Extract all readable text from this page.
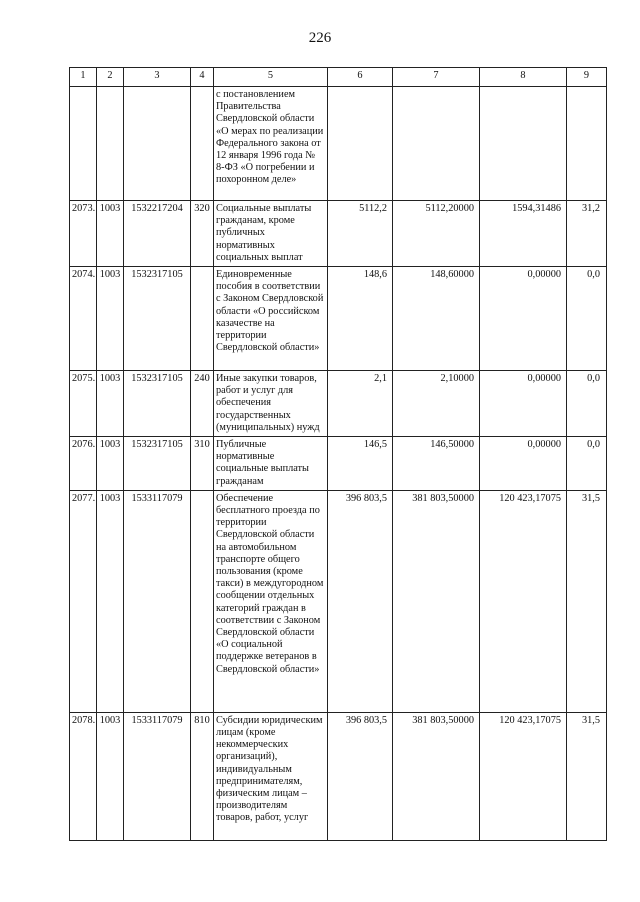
226
1	2	3	4	5	6	7	8	9
				с постановлением Правительства Свердловской области «О мерах по реализации Федерального закона от 12 января 1996 года № 8-ФЗ «О погребении и похоронном деле»				
2073.	1003	1532217204	320	Социальные выплаты гражданам, кроме публичных нормативных социальных выплат	5112,2	5112,20000	1594,31486	31,2
2074.	1003	1532317105		Единовременные пособия в соответствии с Законом Свердловской области «О российском казачестве на территории Свердловской области»	148,6	148,60000	0,00000	0,0
2075.	1003	1532317105	240	Иные закупки товаров, работ и услуг для обеспечения государственных (муниципальных) нужд	2,1	2,10000	0,00000	0,0
2076.	1003	1532317105	310	Публичные нормативные социальные выплаты гражданам	146,5	146,50000	0,00000	0,0
2077.	1003	1533117079		Обеспечение бесплатного проезда по территории Свердловской области на автомобильном транспорте общего пользования (кроме такси) в междугородном сообщении отдельных категорий граждан в соответствии с Законом Свердловской области «О социальной поддержке ветеранов в Свердловской области»	396 803,5	381 803,50000	120 423,17075	31,5
2078.	1003	1533117079	810	Субсидии юридическим лицам (кроме некоммерческих организаций), индивидуальным предпринимателям, физическим лицам – производителям товаров, работ, услуг	396 803,5	381 803,50000	120 423,17075	31,5
